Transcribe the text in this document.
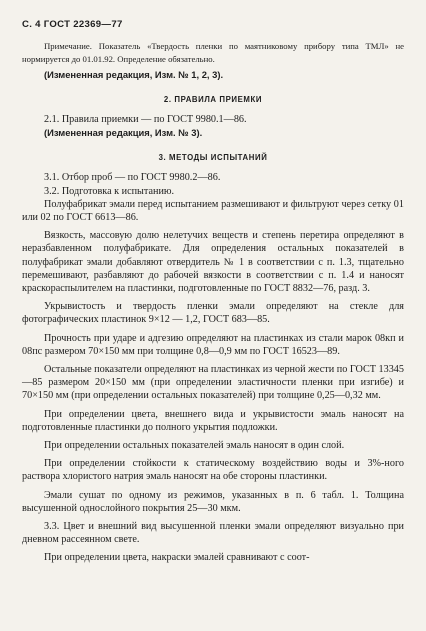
С. 4 ГОСТ 22369—77

Примечание. Показатель «Твердость пленки по маятниковому прибору типа ТМЛ» не нормируется до 01.01.92. Определение обязательно.

(Измененная редакция, Изм. № 1, 2, 3).

2. ПРАВИЛА ПРИЕМКИ

2.1. Правила приемки — по ГОСТ 9980.1—86.

(Измененная редакция, Изм. № 3).

3. МЕТОДЫ ИСПЫТАНИЙ

3.1. Отбор проб — по ГОСТ 9980.2—86.

3.2. Подготовка к испытанию.

Полуфабрикат эмали перед испытанием размешивают и фильтруют через сетку 01 или 02 по ГОСТ 6613—86.

Вязкость, массовую долю нелетучих веществ и степень перетира определяют в неразбавленном полуфабрикате. Для определения остальных показателей в полуфабрикат эмали добавляют отвердитель № 1 в соответствии с п. 1.3, тщательно перемешивают, разбавляют до рабочей вязкости в соответствии с п. 1.4 и наносят краскораспылителем на пластинки, подготовленные по ГОСТ 8832—76, разд. 3.

Укрывистость и твердость пленки эмали определяют на стекле для фотографических пластинок 9×12 — 1,2, ГОСТ 683—85.

Прочность при ударе и адгезию определяют на пластинках из стали марок 08кп и 08пс размером 70×150 мм при толщине 0,8—0,9 мм по ГОСТ 16523—89.

Остальные показатели определяют на пластинках из черной жести по ГОСТ 13345—85 размером 20×150 мм (при определении эластичности пленки при изгибе) и 70×150 мм (при определении остальных показателей) при толщине 0,25—0,32 мм.

При определении цвета, внешнего вида и укрывистости эмаль наносят на подготовленные пластинки до полного укрытия подложки.

При определении остальных показателей эмаль наносят в один слой.

При определении стойкости к статическому воздействию воды и 3%-ного раствора хлористого натрия эмаль наносят на обе стороны пластинки.

Эмали сушат по одному из режимов, указанных в п. 6 табл. 1. Толщина высушенной однослойного покрытия 25—30 мкм.

3.3. Цвет и внешний вид высушенной пленки эмали определяют визуально при дневном рассеянном свете.

При определении цвета, накраски эмалей сравнивают с соот-
